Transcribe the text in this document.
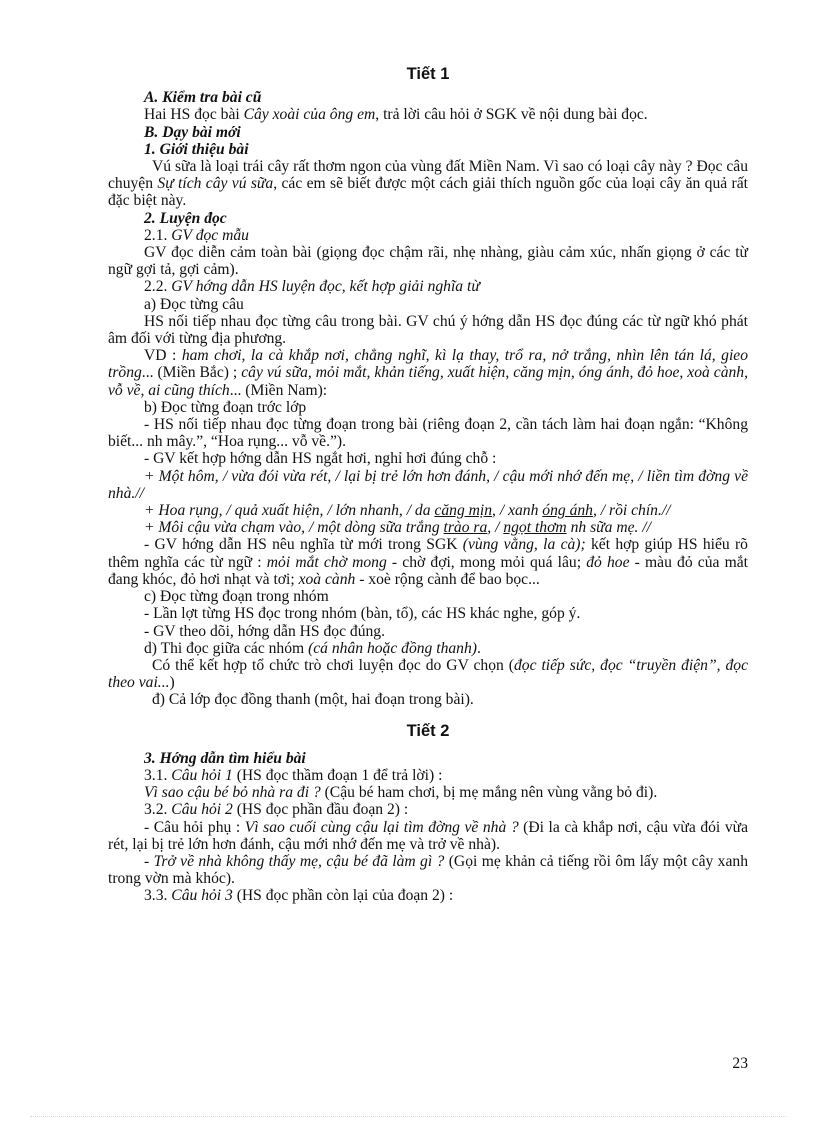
Tiết 1

A. Kiểm tra bài cũ

Hai HS đọc bài Cây xoài của ông em, trả lời câu hỏi ở SGK về nội dung bài đọc.

B. Dạy bài mới

1. Giới thiệu bài

Vú sữa là loại trái cây rất thơm ngon của vùng đất Miền Nam. Vì sao có loại cây này ? Đọc câu chuyện Sự tích cây vú sữa, các em sẽ biết được một cách giải thích nguồn gốc của loại cây ăn quả rất đặc biệt này.

2. Luyện đọc

2.1. GV đọc mẫu

GV đọc diễn cảm toàn bài (giọng đọc chậm rãi, nhẹ nhàng, giàu cảm xúc, nhấn giọng ở các từ ngữ gợi tả, gợi cảm).

2.2. GV hớng dẫn HS luyện đọc, kết hợp giải nghĩa từ

a) Đọc từng câu

HS nối tiếp nhau đọc từng câu trong bài. GV chú ý hớng dẫn HS đọc đúng các từ ngữ khó phát âm đối với từng địa phương.

VD : ham chơi, la cà khắp nơi, chẳng nghĩ, kì lạ thay, trổ ra, nở trắng, nhìn lên tán lá, gieo trồng... (Miền Bắc) ; cây vú sữa, mỏi mắt, khản tiếng, xuất hiện, căng mịn, óng ánh, đỏ hoe, xoà cành, vỗ về, ai cũng thích... (Miền Nam):

b) Đọc từng đoạn trớc lớp

- HS nối tiếp nhau đọc từng đoạn trong bài (riêng đoạn 2, cần tách làm hai đoạn ngắn: “Không biết... nh mây.”, “Hoa rụng... vỗ về.”).

- GV kết hợp hớng dẫn HS ngắt hơi, nghỉ hơi đúng chỗ :

+ Một hôm, / vừa đói vừa rét, / lại bị trẻ lớn hơn đánh, / cậu mới nhớ đến mẹ, / liền tìm đờng về nhà.//

+ Hoa rụng, / quả xuất hiện, / lớn nhanh, / da căng mịn, / xanh óng ánh, / rồi chín.//

+ Môi cậu vừa chạm vào, / một dòng sữa trắng trào ra, / ngọt thơm nh sữa mẹ. //

- GV hớng dẫn HS nêu nghĩa từ mới trong SGK (vùng vằng, la cà); kết hợp giúp HS hiểu rõ thêm nghĩa các từ ngữ : mỏi mắt chờ mong - chờ đợi, mong mỏi quá lâu; đỏ hoe - màu đỏ của mắt đang khóc, đỏ hơi nhạt và tơi; xoà cành - xoè rộng cành để bao bọc...

c) Đọc từng đoạn trong nhóm

- Lần lợt từng HS đọc trong nhóm (bàn, tổ), các HS khác nghe, góp ý.

- GV theo dõi, hớng dẫn HS đọc đúng.

d) Thi đọc giữa các nhóm (cá nhân hoặc đồng thanh).

Có thể kết hợp tổ chức trò chơi luyện đọc do GV chọn (đọc tiếp sức, đọc “truyền điện”, đọc theo vai...)

đ) Cả lớp đọc đồng thanh (một, hai đoạn trong bài).

Tiết 2

3. Hớng dẫn tìm hiểu bài

3.1. Câu hỏi 1 (HS đọc thầm đoạn 1 để trả lời) :

Vì sao cậu bé bỏ nhà ra đi ? (Cậu bé ham chơi, bị mẹ mắng nên vùng vằng bỏ đi).

3.2. Câu hỏi 2 (HS đọc phần đầu đoạn 2) :

- Câu hỏi phụ : Vì sao cuối cùng cậu lại tìm đờng về nhà ? (Đi la cà khắp nơi, cậu vừa đói vừa rét, lại bị trẻ lớn hơn đánh, cậu mới nhớ đến mẹ và trở về nhà).

- Trở về nhà không thấy mẹ, cậu bé đã làm gì ? (Gọi mẹ khản cả tiếng rồi ôm lấy một cây xanh trong vờn mà khóc).

3.3. Câu hỏi 3 (HS đọc phần còn lại của đoạn 2) :

23
